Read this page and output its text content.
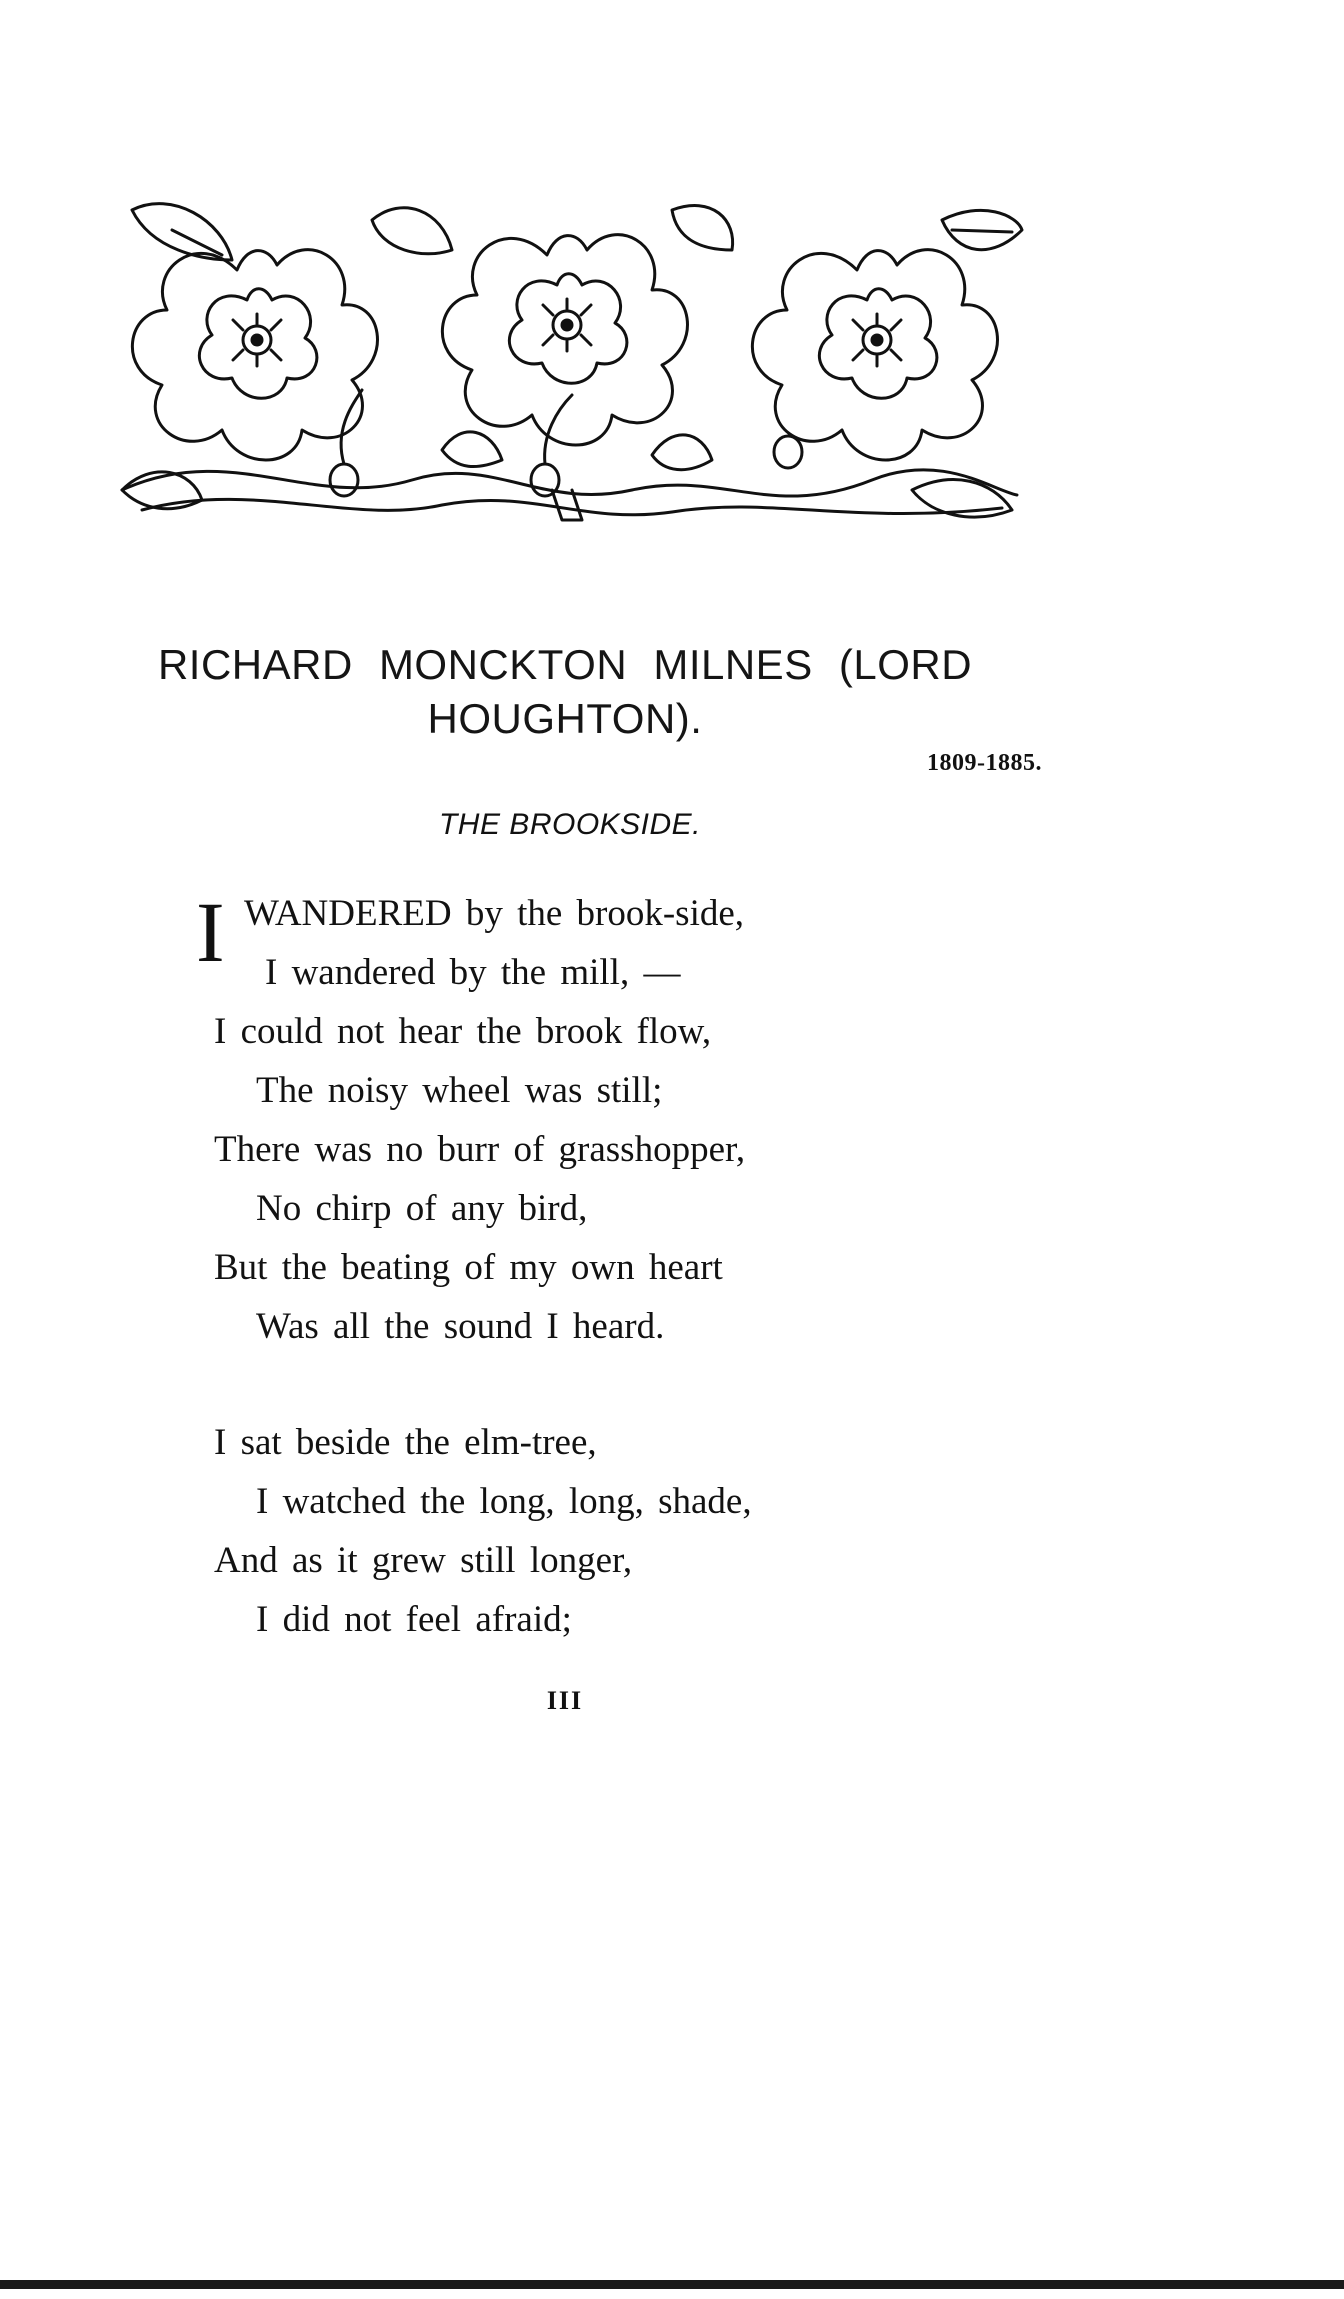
RICHARD MONCKTON MILNES (LORD
HOUGHTON).
1809-1885.
THE BROOKSIDE.
I WANDERED by the brook-side,
I wandered by the mill, —
I could not hear the brook flow,
The noisy wheel was still;
There was no burr of grasshopper,
No chirp of any bird,
But the beating of my own heart
Was all the sound I heard.
I sat beside the elm-tree,
I watched the long, long, shade,
And as it grew still longer,
I did not feel afraid;
III
